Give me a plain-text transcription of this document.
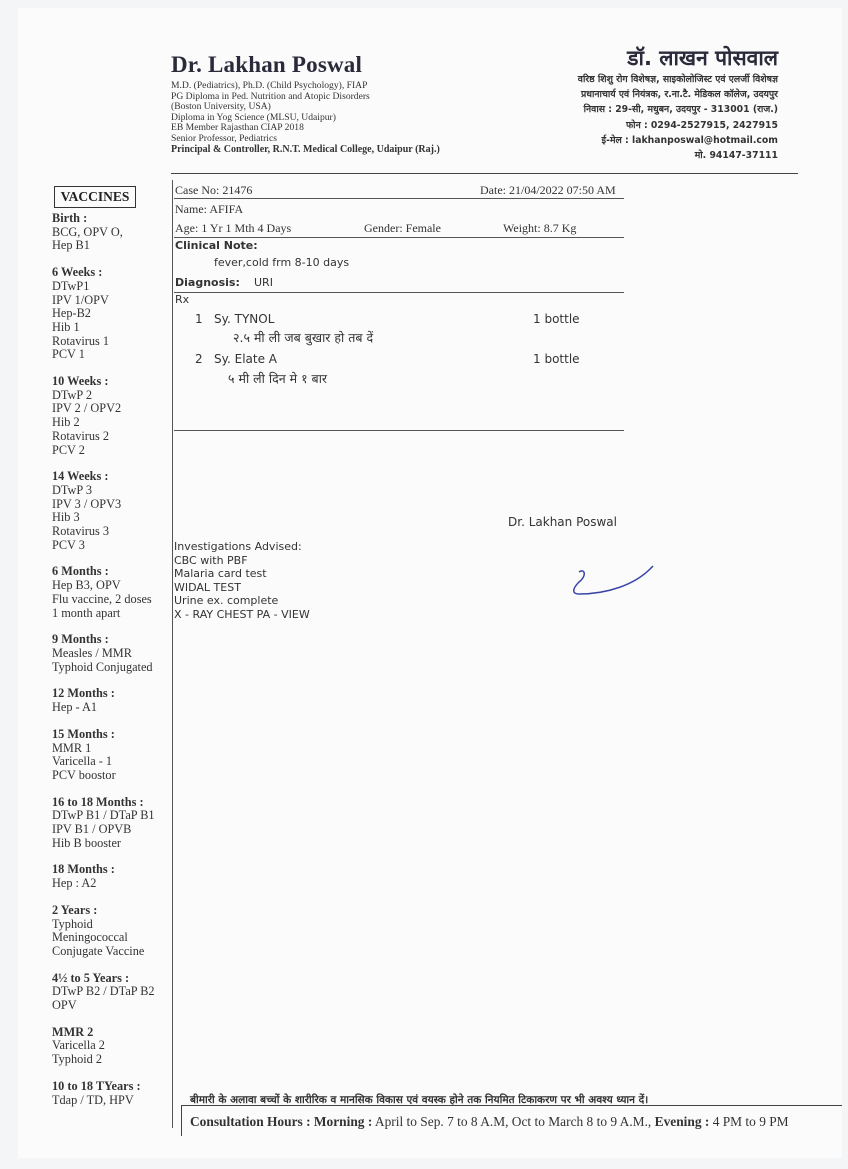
Dr. Lakhan Poswal
M.D. (Pediatrics), Ph.D. (Child Psychology), FIAP
PG Diploma in Ped. Nutrition and Atopic Disorders
(Boston University, USA)
Diploma in Yog Science (MLSU, Udaipur)
EB Member Rajasthan CIAP 2018
Senior Professor, Pediatrics
Principal & Controller, R.N.T. Medical College, Udaipur (Raj.)
डॉ. लाखन पोसवाल
वरिष्ठ शिशु रोग विशेषज्ञ, साइकोलोजिस्ट एवं एलर्जी विशेषज्ञ
प्रधानाचार्य एवं नियंत्रक, र.ना.टै. मेडिकल कॉलेज, उदयपुर
निवास : 29-सी, मधुबन, उदयपुर - 313001 (राज.)
फोन : 0294-2527915, 2427915
ई-मेल : lakhanposwal@hotmail.com
मो. 94147-37111
VACCINES
Birth :
BCG, OPV O,
Hep B1
6 Weeks :
DTwP1
IPV 1/OPV
Hep-B2
Hib 1
Rotavirus 1
PCV 1
10 Weeks :
DTwP 2
IPV 2 / OPV2
Hib 2
Rotavirus 2
PCV 2
14 Weeks :
DTwP 3
IPV 3 / OPV3
Hib 3
Rotavirus 3
PCV 3
6 Months :
Hep B3, OPV
Flu vaccine, 2 doses
1 month apart
9 Months :
Measles / MMR
Typhoid Conjugated
12 Months :
Hep - A1
15 Months :
MMR 1
Varicella - 1
PCV boostor
16 to 18 Months :
DTwP B1 / DTaP B1
IPV B1 / OPVB
Hib B booster
18 Months :
Hep : A2
2 Years :
Typhoid
Meningococcal
Conjugate Vaccine
4½ to 5 Years :
DTwP B2 / DTaP B2
OPV
MMR 2
Varicella 2
Typhoid 2
10 to 18 TYears :
Tdap / TD, HPV
Case No: 21476	Date: 21/04/2022 07:50 AM
Name: AFIFA
Age: 1 Yr 1 Mth 4 Days	Gender: Female	Weight: 8.7 Kg
Clinical Note:
fever,cold frm 8-10 days
Diagnosis: URI
Rx
1 Sy. TYNOL	1 bottle
२.५ मी ली जब बुखार हो तब दें
2 Sy. Elate A	1 bottle
५ मी ली दिन मे १ बार
Dr. Lakhan Poswal
Investigations Advised:
CBC with PBF
Malaria card test
WIDAL TEST
Urine ex. complete
X - RAY CHEST PA - VIEW
बीमारी के अलावा बच्चों के शारीरिक व मानसिक विकास एवं वयस्क होने तक नियमित टिकाकरण पर भी अवश्य ध्यान दें।
Consultation Hours : Morning : April to Sep. 7 to 8 A.M, Oct to March 8 to 9 A.M., Evening : 4 PM to 9 PM
